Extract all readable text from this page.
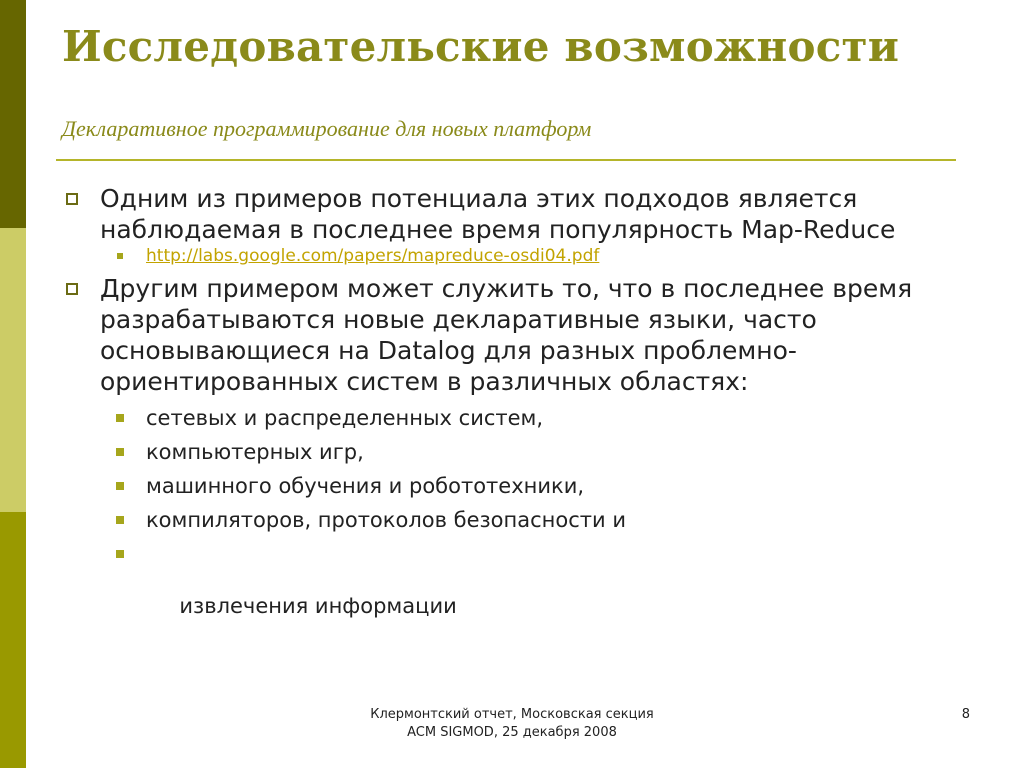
Исследовательские возможности

Декларативное программирование для новых платформ

Одним из примеров потенциала этих подходов является наблюдаемая в последнее время популярность Map-Reduce

http://labs.google.com/papers/mapreduce-osdi04.pdf

Другим примером может служить то, что в последнее время разрабатываются новые декларативные языки, часто основывающиеся на Datalog для разных проблемно-ориентированных систем в различных областях:

сетевых и распределенных систем,

компьютерных игр,

машинного обучения и робототехники,

компиляторов, протоколов безопасности и

извлечения информации

Клермонтский отчет, Московская секция
ACM SIGMOD, 25 декабря 2008

8
